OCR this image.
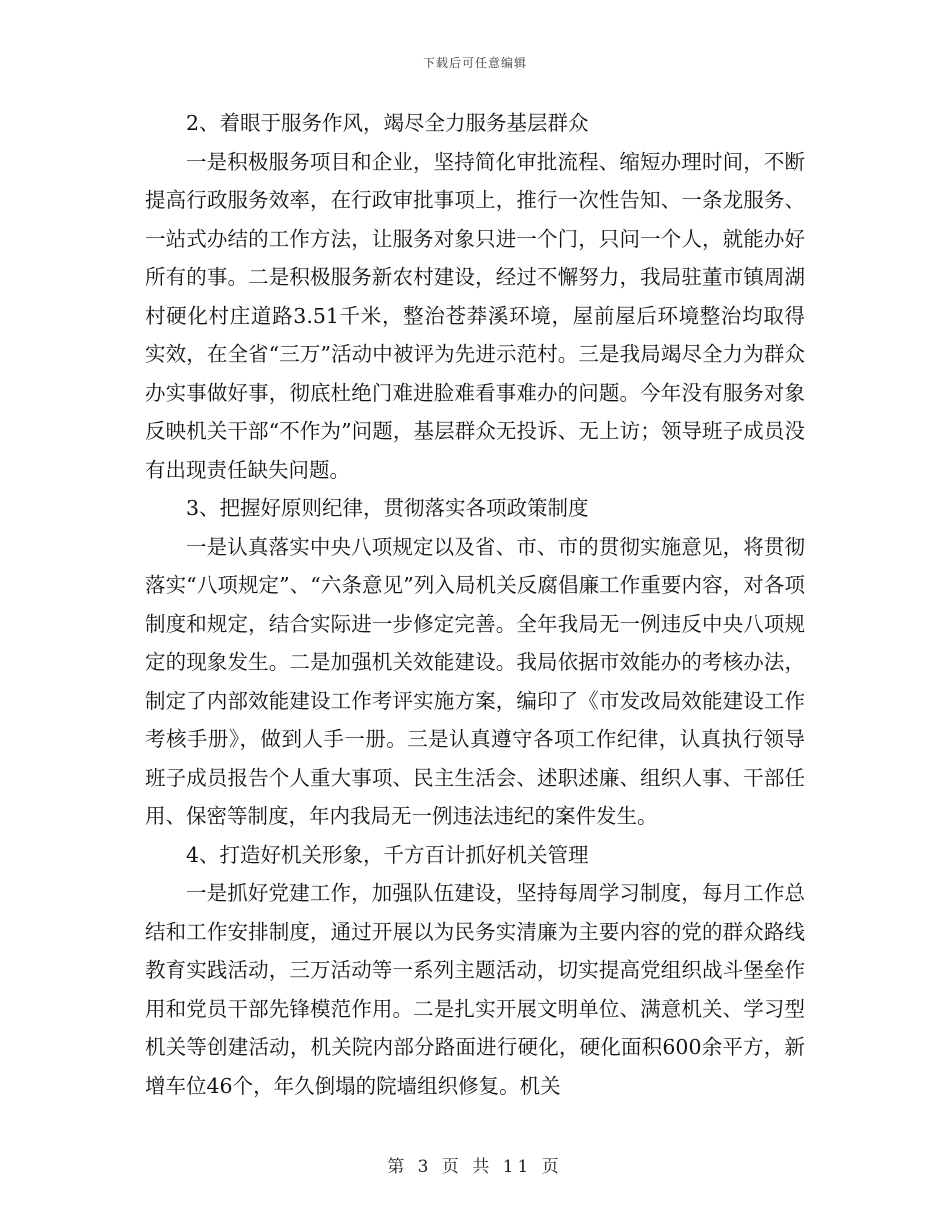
下载后可任意编辑

2、着眼于服务作风，竭尽全力服务基层群众

一是积极服务项目和企业，坚持简化审批流程、缩短办理时间，不断提高行政服务效率，在行政审批事项上，推行一次性告知、一条龙服务、一站式办结的工作方法，让服务对象只进一个门，只问一个人，就能办好所有的事。二是积极服务新农村建设，经过不懈努力，我局驻董市镇周湖村硬化村庄道路3.51千米，整治苍莽溪环境，屋前屋后环境整治均取得实效，在全省“三万”活动中被评为先进示范村。三是我局竭尽全力为群众办实事做好事，彻底杜绝门难进脸难看事难办的问题。今年没有服务对象反映机关干部“不作为”问题，基层群众无投诉、无上访；领导班子成员没有出现责任缺失问题。

3、把握好原则纪律，贯彻落实各项政策制度

一是认真落实中央八项规定以及省、市、市的贯彻实施意见，将贯彻落实“八项规定”、“六条意见”列入局机关反腐倡廉工作重要内容，对各项制度和规定，结合实际进一步修定完善。全年我局无一例违反中央八项规定的现象发生。二是加强机关效能建设。我局依据市效能办的考核办法，制定了内部效能建设工作考评实施方案，编印了《市发改局效能建设工作考核手册》，做到人手一册。三是认真遵守各项工作纪律，认真执行领导班子成员报告个人重大事项、民主生活会、述职述廉、组织人事、干部任用、保密等制度，年内我局无一例违法违纪的案件发生。

4、打造好机关形象，千方百计抓好机关管理

一是抓好党建工作，加强队伍建设，坚持每周学习制度，每月工作总结和工作安排制度，通过开展以为民务实清廉为主要内容的党的群众路线教育实践活动，三万活动等一系列主题活动，切实提高党组织战斗堡垒作用和党员干部先锋模范作用。二是扎实开展文明单位、满意机关、学习型机关等创建活动，机关院内部分路面进行硬化，硬化面积600余平方，新增车位46个，年久倒塌的院墙组织修复。机关

第 3 页 共 11 页
